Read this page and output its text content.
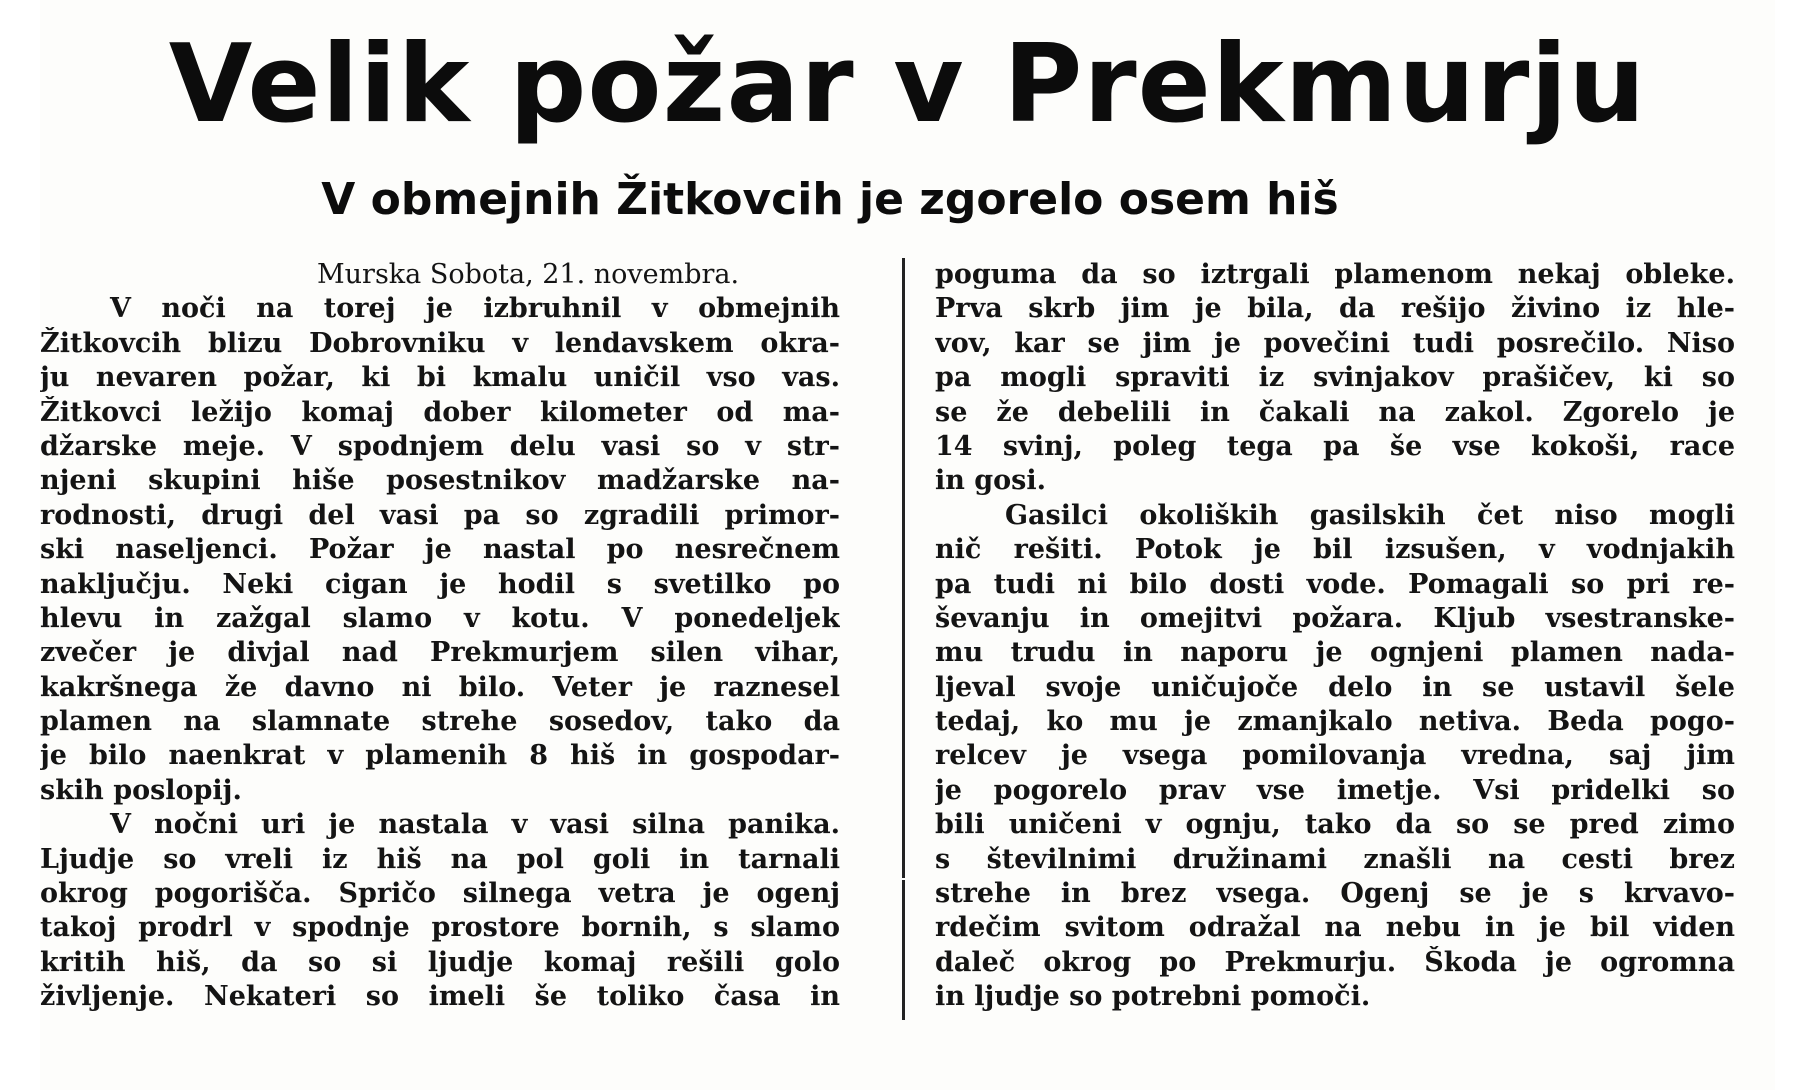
Velik požar v Prekmurju
V obmejnih Žitkovcih je zgorelo osem hiš
Murska Sobota, 21. novembra.
V noči na torej je izbruhnil v obmejnih
Žitkovcih blizu Dobrovniku v lendavskem okra-
ju nevaren požar, ki bi kmalu uničil vso vas.
Žitkovci ležijo komaj dober kilometer od ma-
džarske meje. V spodnjem delu vasi so v str-
njeni skupini hiše posestnikov madžarske na-
rodnosti, drugi del vasi pa so zgradili primor-
ski naseljenci. Požar je nastal po nesrečnem
naključju. Neki cigan je hodil s svetilko po
hlevu in zažgal slamo v kotu. V ponedeljek
zvečer je divjal nad Prekmurjem silen vihar,
kakršnega že davno ni bilo. Veter je raznesel
plamen na slamnate strehe sosedov, tako da
je bilo naenkrat v plamenih 8 hiš in gospodar-
skih poslopij.
V nočni uri je nastala v vasi silna panika.
Ljudje so vreli iz hiš na pol goli in tarnali
okrog pogorišča. Spričo silnega vetra je ogenj
takoj prodrl v spodnje prostore bornih, s slamo
kritih hiš, da so si ljudje komaj rešili golo
življenje. Nekateri so imeli še toliko časa in
poguma da so iztrgali plamenom nekaj obleke.
Prva skrb jim je bila, da rešijo živino iz hle-
vov, kar se jim je povečini tudi posrečilo. Niso
pa mogli spraviti iz svinjakov prašičev, ki so
se že debelili in čakali na zakol. Zgorelo je
14 svinj, poleg tega pa še vse kokoši, race
in gosi.
Gasilci okoliških gasilskih čet niso mogli
nič rešiti. Potok je bil izsušen, v vodnjakih
pa tudi ni bilo dosti vode. Pomagali so pri re-
ševanju in omejitvi požara. Kljub vsestranske-
mu trudu in naporu je ognjeni plamen nada-
ljeval svoje uničujoče delo in se ustavil šele
tedaj, ko mu je zmanjkalo netiva. Beda pogo-
relcev je vsega pomilovanja vredna, saj jim
je pogorelo prav vse imetje. Vsi pridelki so
bili uničeni v ognju, tako da so se pred zimo
s številnimi družinami znašli na cesti brez
strehe in brez vsega. Ogenj se je s krvavo-
rdečim svitom odražal na nebu in je bil viden
daleč okrog po Prekmurju. Škoda je ogromna
in ljudje so potrebni pomoči.
